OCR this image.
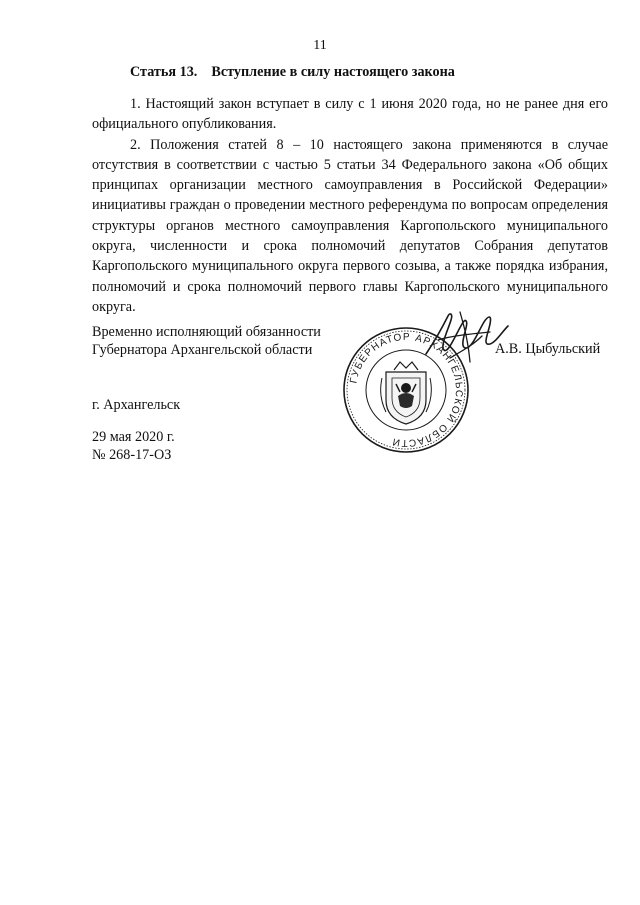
11
Статья 13. Вступление в силу настоящего закона

1. Настоящий закон вступает в силу с 1 июня 2020 года, но не ранее дня его официального опубликования.

2. Положения статей 8 – 10 настоящего закона применяются в случае отсутствия в соответствии с частью 5 статьи 34 Федерального закона «Об общих принципах организации местного самоуправления в Российской Федерации» инициативы граждан о проведении местного референдума по вопросам определения структуры органов местного самоуправления Каргопольского муниципального округа, численности и срока полномочий депутатов Собрания депутатов Каргопольского муниципального округа первого созыва, а также порядка избрания, полномочий и срока полномочий первого главы Каргопольского муниципального округа.

Временно исполняющий обязанности
Губернатора Архангельской области
ГУБЕРНАТОР АРХАНГЕЛЬСКОЙ ОБЛАСТИ
А.В. Цыбульский
г. Архангельск
29 мая 2020 г.
№ 268-17-ОЗ
